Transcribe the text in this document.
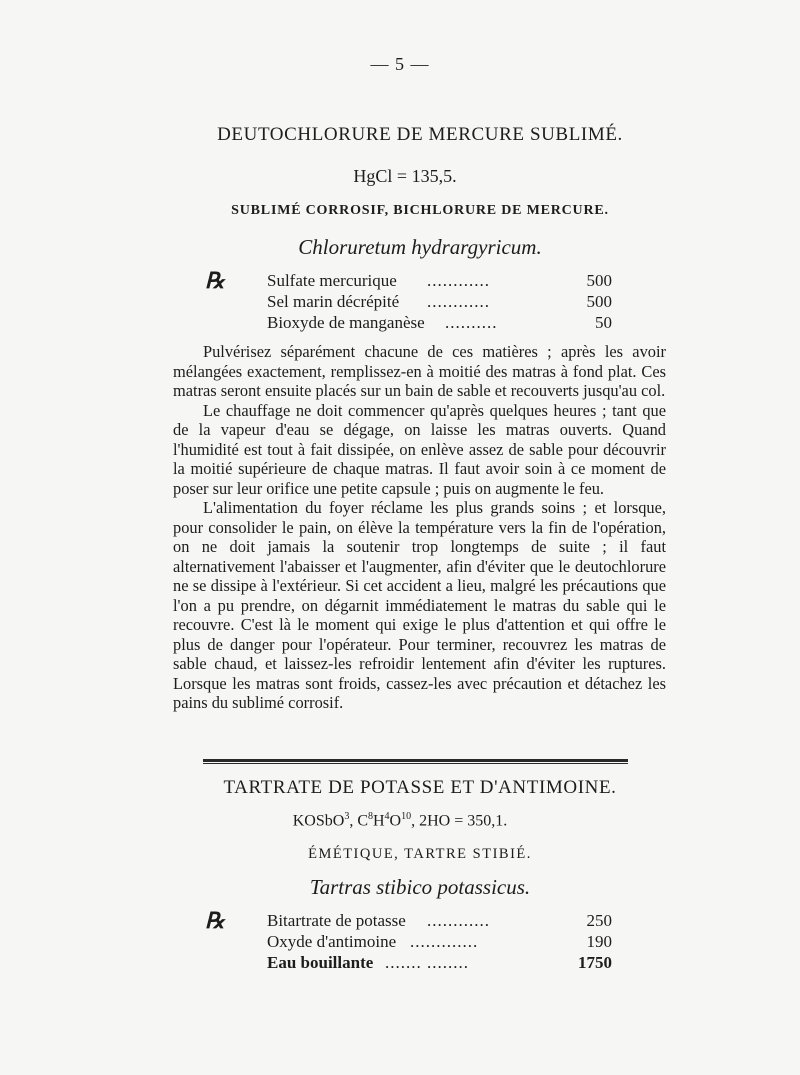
— 5 —
DEUTOCHLORURE DE MERCURE SUBLIMÉ.
HgCl = 135,5.
SUBLIMÉ CORROSIF, BICHLORURE DE MERCURE.
Chloruretum hydrargyricum.
℞ Sulfate mercurique ............	500
Sel marin décrépité ............	500
Bioxyde de manganèse ..........	50

Pulvérisez séparément chacune de ces matières ; après les avoir mélangées exactement, remplissez-en à moitié des matras à fond plat. Ces matras seront ensuite placés sur un bain de sable et recouverts jusqu'au col.

Le chauffage ne doit commencer qu'après quelques heures ; tant que de la vapeur d'eau se dégage, on laisse les matras ouverts. Quand l'humidité est tout à fait dissipée, on enlève assez de sable pour découvrir la moitié supérieure de chaque matras. Il faut avoir soin à ce moment de poser sur leur orifice une petite capsule ; puis on augmente le feu.

L'alimentation du foyer réclame les plus grands soins ; et lorsque, pour consolider le pain, on élève la température vers la fin de l'opération, on ne doit jamais la soutenir trop longtemps de suite ; il faut alternativement l'abaisser et l'augmenter, afin d'éviter que le deutochlorure ne se dissipe à l'extérieur. Si cet accident a lieu, malgré les précautions que l'on a pu prendre, on dégarnit immédiatement le matras du sable qui le recouvre. C'est là le moment qui exige le plus d'attention et qui offre le plus de danger pour l'opérateur. Pour terminer, recouvrez les matras de sable chaud, et laissez-les refroidir lentement afin d'éviter les ruptures. Lorsque les matras sont froids, cassez-les avec précaution et détachez les pains du sublimé corrosif.

TARTRATE DE POTASSE ET D'ANTIMOINE.
KOSbO$^3$, $C^8H^4O^{10}$, 2HO = 350,1.
ÉMÉTIQUE, TARTRE STIBIÉ.
Tartras stibico potassicus.
℞ Bitartrate de potasse ............	250
Oxyde d'antimoine .............	190
Eau bouillante ....... ........	1750
